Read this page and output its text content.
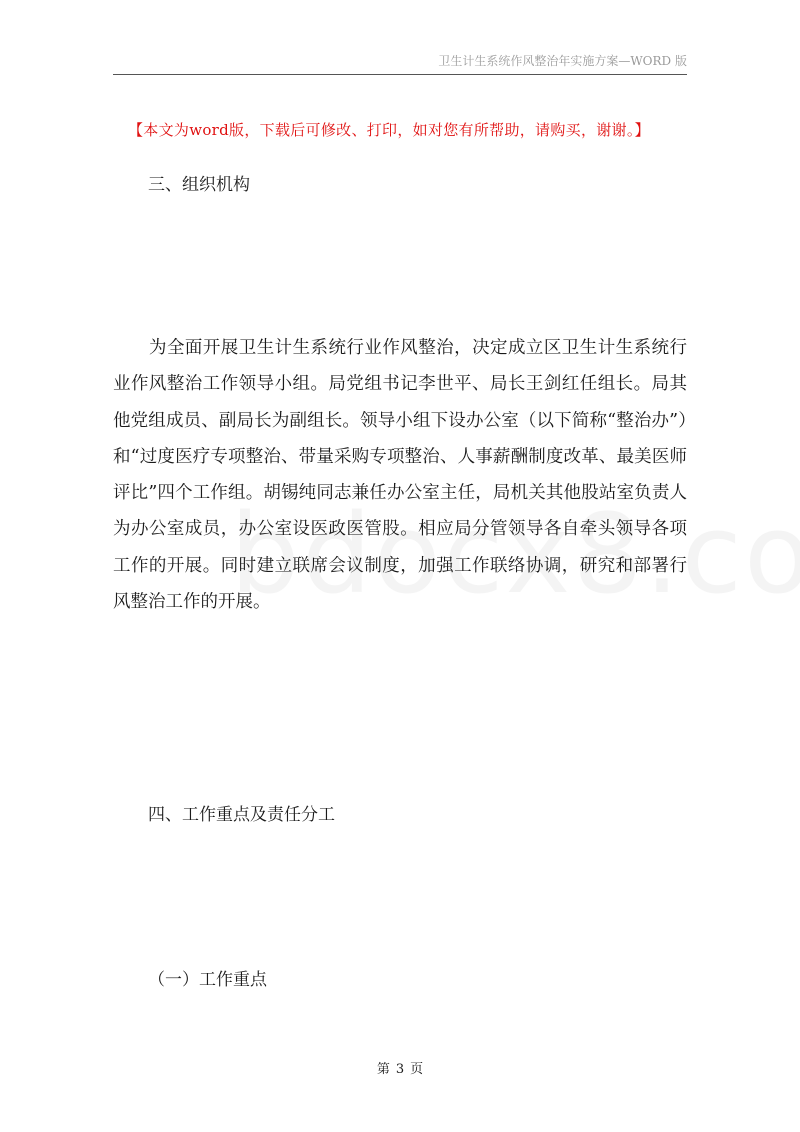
卫生计生系统作风整治年实施方案—WORD 版
【本文为word版，下载后可修改、打印，如对您有所帮助，请购买，谢谢。】
三、组织机构

为全面开展卫生计生系统行业作风整治，决定成立区卫生计生系统行业作风整治工作领导小组。局党组书记李世平、局长王剑红任组长。局其他党组成员、副局长为副组长。领导小组下设办公室（以下简称“整治办”）和“过度医疗专项整治、带量采购专项整治、人事薪酬制度改革、最美医师评比”四个工作组。胡锡纯同志兼任办公室主任，局机关其他股站室负责人为办公室成员，办公室设医政医管股。相应局分管领导各自牵头领导各项工作的开展。同时建立联席会议制度，加强工作联络协调，研究和部署行风整治工作的开展。

四、工作重点及责任分工
（一）工作重点
第 3 页
